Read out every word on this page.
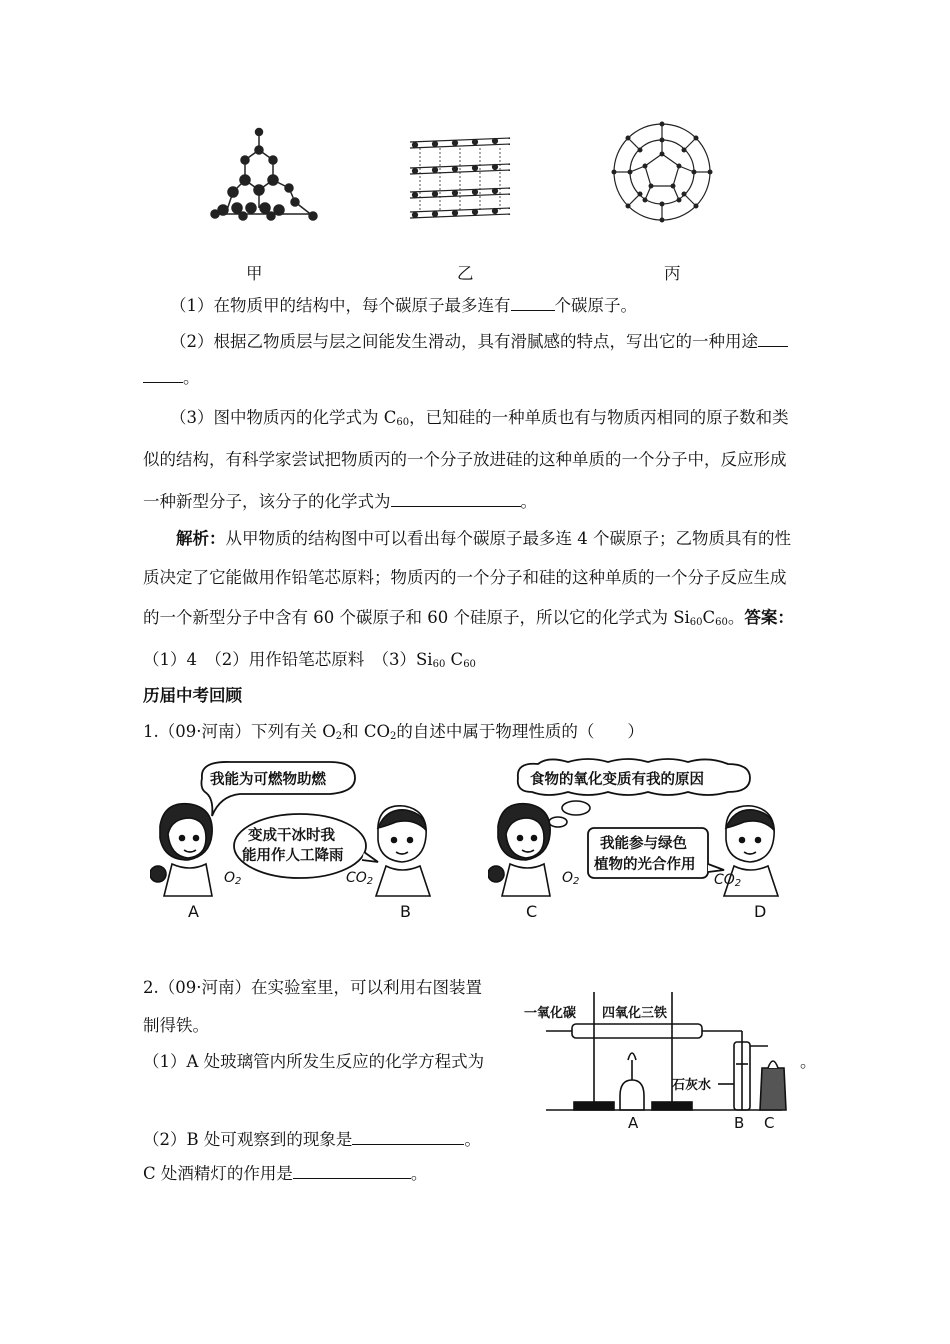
甲	乙	丙
（1）在物质甲的结构中，每个碳原子最多连有	个碳原子。
（2）根据乙物质层与层之间能发生滑动，具有滑腻感的特点，写出它的一种用途
。
（3）图中物质丙的化学式为 $C_{60}$，已知硅的一种单质也有与物质丙相同的原子数和类
似的结构，有科学家尝试把物质丙的一个分子放进硅的这种单质的一个分子中，反应形成
一种新型分子，该分子的化学式为	。
解析：从甲物质的结构图中可以看出每个碳原子最多连 4 个碳原子；乙物质具有的性
质决定了它能做用作铅笔芯原料；物质丙的一个分子和硅的这种单质的一个分子反应生成
的一个新型分子中含有 60 个碳原子和 60 个硅原子，所以它的化学式为 $Si_{60}C_{60}$。答案：
（1）4　（2）用作铅笔芯原料　$(3)Si_{60}$ $C_{60}$
历届中考回顾
1.（09·河南）下列有关 $O_2$和 $CO_2$的自述中属于物理性质的（　　）
我能为可燃物助燃
变成干冰时我
能用作人工降雨
$O_2$	$CO_2$
A	B
食物的氧化变质有我的原因
我能参与绿色
植物的光合作用
$O_2$	$CO_2$
C	D
2.（09·河南）在实验室里，可以利用右图装置
制得铁。
（1）A 处玻璃管内所发生反应的化学方程式为	。
一氧化碳 四氧化三铁
石灰水
A	B C
（2）B 处可观察到的现象是	。
C 处酒精灯的作用是	。
